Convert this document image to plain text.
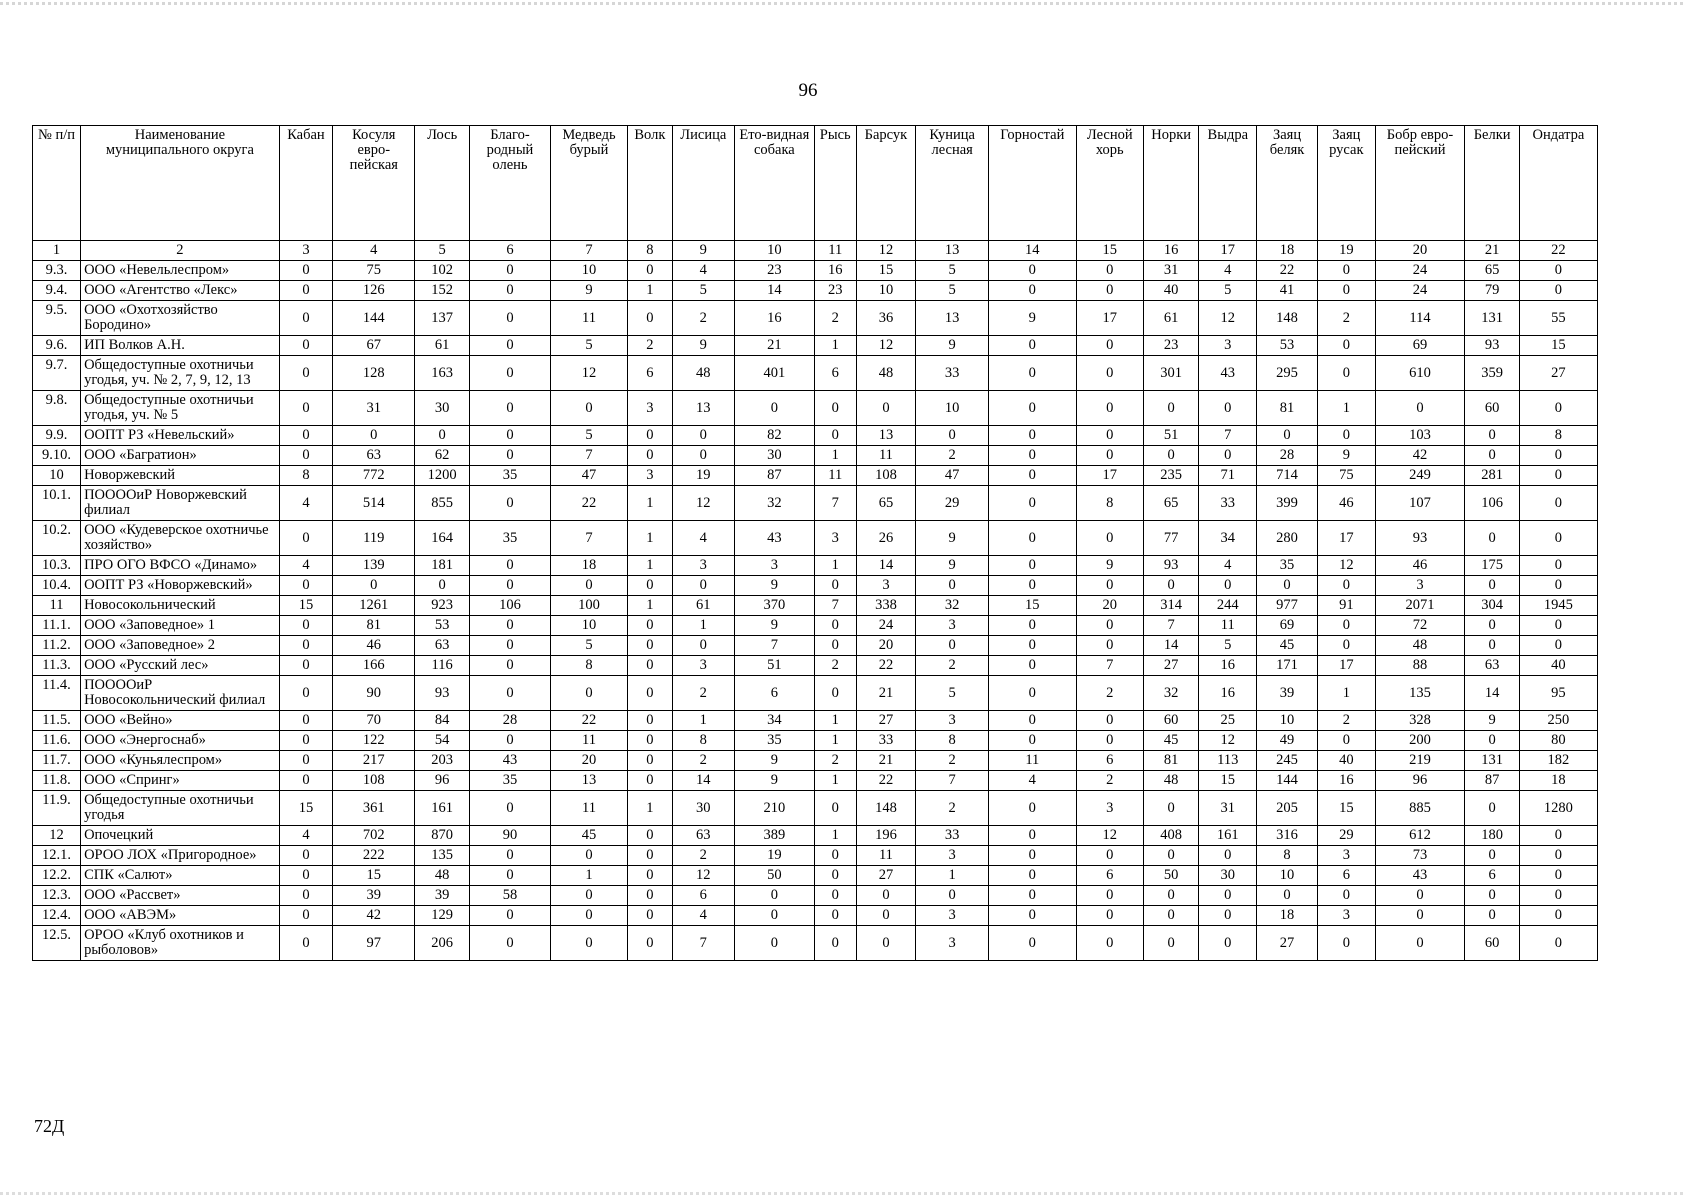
96
№ п/п	Наименование муниципального округа	Кабан	Косуля евро-пейская	Лось	Благо-родный олень	Медведь бурый	Волк	Лисица	Ето-видная собака	Рысь	Барсук	Куница лесная	Горностай	Лесной хорь	Норки	Выдра	Заяц беляк	Заяц русак	Бобр евро-пейский	Белки	Ондатра
1	2	3	4	5	6	7	8	9	10	11	12	13	14	15	16	17	18	19	20	21	22
9.3.	ООО «Невельлеспром»	0	75	102	0	10	0	4	23	16	15	5	0	0	31	4	22	0	24	65	0
9.4.	ООО «Агентство «Лекс»	0	126	152	0	9	1	5	14	23	10	5	0	0	40	5	41	0	24	79	0
9.5.	ООО «Охотхозяйство Бородино»	0	144	137	0	11	0	2	16	2	36	13	9	17	61	12	148	2	114	131	55
9.6.	ИП Волков А.Н.	0	67	61	0	5	2	9	21	1	12	9	0	0	23	3	53	0	69	93	15
9.7.	Общедоступные охотничьи угодья, уч. № 2, 7, 9, 12, 13	0	128	163	0	12	6	48	401	6	48	33	0	0	301	43	295	0	610	359	27
9.8.	Общедоступные охотничьи угодья, уч. № 5	0	31	30	0	0	3	13	0	0	0	10	0	0	0	0	81	1	0	60	0
9.9.	ООПТ РЗ «Невельский»	0	0	0	0	5	0	0	82	0	13	0	0	0	51	7	0	0	103	0	8
9.10.	ООО «Багратион»	0	63	62	0	7	0	0	30	1	11	2	0	0	0	0	28	9	42	0	0
10	Новоржевский	8	772	1200	35	47	3	19	87	11	108	47	0	17	235	71	714	75	249	281	0
10.1.	ПООООиР Новоржевский филиал	4	514	855	0	22	1	12	32	7	65	29	0	8	65	33	399	46	107	106	0
10.2.	ООО «Кудеверское охотничье хозяйство»	0	119	164	35	7	1	4	43	3	26	9	0	0	77	34	280	17	93	0	0
10.3.	ПРО ОГО ВФСО «Динамо»	4	139	181	0	18	1	3	3	1	14	9	0	9	93	4	35	12	46	175	0
10.4.	ООПТ РЗ «Новоржевский»	0	0	0	0	0	0	0	9	0	3	0	0	0	0	0	0	0	3	0	0
11	Новосокольнический	15	1261	923	106	100	1	61	370	7	338	32	15	20	314	244	977	91	2071	304	1945
11.1.	ООО «Заповедное» 1	0	81	53	0	10	0	1	9	0	24	3	0	0	7	11	69	0	72	0	0
11.2.	ООО «Заповедное» 2	0	46	63	0	5	0	0	7	0	20	0	0	0	14	5	45	0	48	0	0
11.3.	ООО «Русский лес»	0	166	116	0	8	0	3	51	2	22	2	0	7	27	16	171	17	88	63	40
11.4.	ПООООиР Новосокольнический филиал	0	90	93	0	0	0	2	6	0	21	5	0	2	32	16	39	1	135	14	95
11.5.	ООО «Вейно»	0	70	84	28	22	0	1	34	1	27	3	0	0	60	25	10	2	328	9	250
11.6.	ООО «Энергоснаб»	0	122	54	0	11	0	8	35	1	33	8	0	0	45	12	49	0	200	0	80
11.7.	ООО «Куньялеспром»	0	217	203	43	20	0	2	9	2	21	2	11	6	81	113	245	40	219	131	182
11.8.	ООО «Спринг»	0	108	96	35	13	0	14	9	1	22	7	4	2	48	15	144	16	96	87	18
11.9.	Общедоступные охотничьи угодья	15	361	161	0	11	1	30	210	0	148	2	0	3	0	31	205	15	885	0	1280
12	Опочецкий	4	702	870	90	45	0	63	389	1	196	33	0	12	408	161	316	29	612	180	0
12.1.	ОРОО ЛОХ «Пригородное»	0	222	135	0	0	0	2	19	0	11	3	0	0	0	0	8	3	73	0	0
12.2.	СПК «Салют»	0	15	48	0	1	0	12	50	0	27	1	0	6	50	30	10	6	43	6	0
12.3.	ООО «Рассвет»	0	39	39	58	0	0	6	0	0	0	0	0	0	0	0	0	0	0	0	0
12.4.	ООО «АВЭМ»	0	42	129	0	0	0	4	0	0	0	3	0	0	0	0	18	3	0	0	0
12.5.	ОРОО «Клуб охотников и рыболовов»	0	97	206	0	0	0	7	0	0	0	3	0	0	0	0	27	0	0	60	0
72Д
